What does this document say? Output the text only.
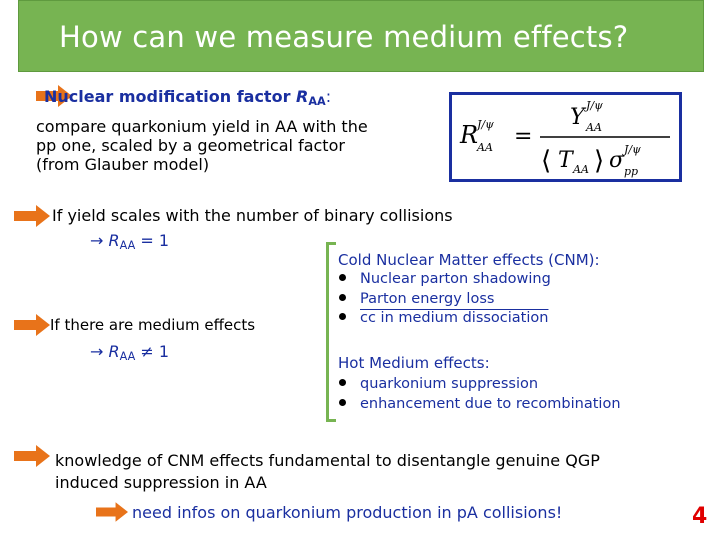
How can we measure medium effects?
Nuclear modification factor $R_{AA}$:
compare quarkonium yield in AA with the
pp one, scaled by a geometrical factor
(from Glauber model)
R
J/ψ
AA =
Y J/ψ
AA
⟨ T AA ⟩ σ J/ψ
pp
If yield scales with the number of binary collisions
→ $R_{AA} = 1$
If there are medium effects
→ $R_{AA} \ne 1$
Cold Nuclear Matter effects (CNM):
Nuclear parton shadowing
Parton energy loss
cc in medium dissociation
Hot Medium effects:
quarkonium suppression
enhancement due to recombination
knowledge of CNM effects fundamental to disentangle genuine QGP
induced suppression in AA
need infos on quarkonium production in pA collisions!	4
